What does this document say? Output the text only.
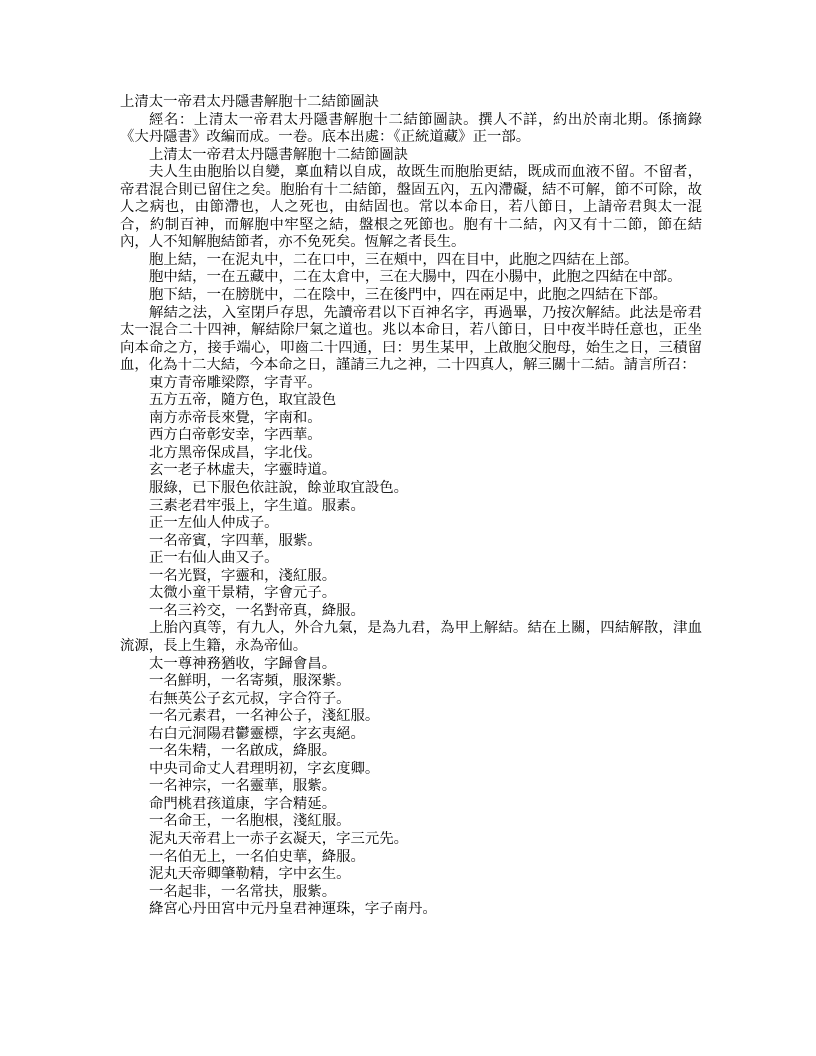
上清太一帝君太丹隱書解胞十二結節圖訣
經名：上清太一帝君太丹隱書解胞十二結節圖訣。撰人不詳，約出於南北期。係摘錄《大丹隱書》改編而成。一卷。底本出處：《正統道藏》正一部。
上清太一帝君太丹隱書解胞十二結節圖訣
夫人生由胞胎以自變，稟血精以自成，故既生而胞胎更結，既成而血液不留。不留者，帝君混合則已留住之矣。胞胎有十二結節，盤固五內，五內滯礙，結不可解，節不可除，故人之病也，由節滯也，人之死也，由結固也。常以本命日，若八節日，上請帝君與太一混合，約制百神，而解胞中牢堅之結，盤根之死節也。胞有十二結，內又有十二節，節在結內，人不知解胞結節者，亦不免死矣。恆解之者長生。
胞上結，一在泥丸中，二在口中，三在頰中，四在目中，此胞之四結在上部。
胞中結，一在五藏中，二在太倉中，三在大腸中，四在小腸中，此胞之四結在中部。
胞下結，一在膀胱中，二在陰中，三在後門中，四在兩足中，此胞之四結在下部。
解結之法，入室閉戶存思，先讀帝君以下百神名字，再過畢，乃按次解結。此法是帝君太一混合二十四神，解結除尸氣之道也。兆以本命日，若八節日，日中夜半時任意也，正坐向本命之方，接手端心，叩齒二十四通，曰：男生某甲，上啟胞父胞母，始生之日，三積留血，化為十二大結，今本命之日，謹請三九之神，二十四真人，解三關十二結。請言所召：
東方青帝雕梁際，字青平。
五方五帝，隨方色，取宜設色
南方赤帝長來覺，字南和。
西方白帝彰安幸，字西華。
北方黑帝保成昌，字北伐。
玄一老子林虛夫，字靈時道。
服綠，已下服色依註說，餘並取宜設色。
三素老君牢張上，字生道。服素。
正一左仙人仲成子。
一名帝賓，字四華，服紫。
正一右仙人曲又子。
一名光賢，字靈和，淺紅服。
太微小童干景精，字會元子。
一名三衿交，一名對帝真，絳服。
上胎內真等，有九人，外合九氣，是為九君，為甲上解結。結在上關，四結解散，津血流源，長上生籍，永為帝仙。
太一尊神務猶收，字歸會昌。
一名鮮明，一名寄頻，服深紫。
右無英公子玄元叔，字合符子。
一名元素君，一名神公子，淺紅服。
右白元洞陽君鬱靈標，字玄夷絕。
一名朱精，一名啟成，絳服。
中央司命丈人君理明初，字玄度卿。
一名神宗，一名靈華，服紫。
命門桃君孩道康，字合精延。
一名命王，一名胞根，淺紅服。
泥丸天帝君上一赤子玄凝天，字三元先。
一名伯无上，一名伯史華，絳服。
泥丸天帝卿肇勒精，字中玄生。
一名起非，一名常扶，服紫。
絳宮心丹田宮中元丹皇君神運珠，字子南丹。
